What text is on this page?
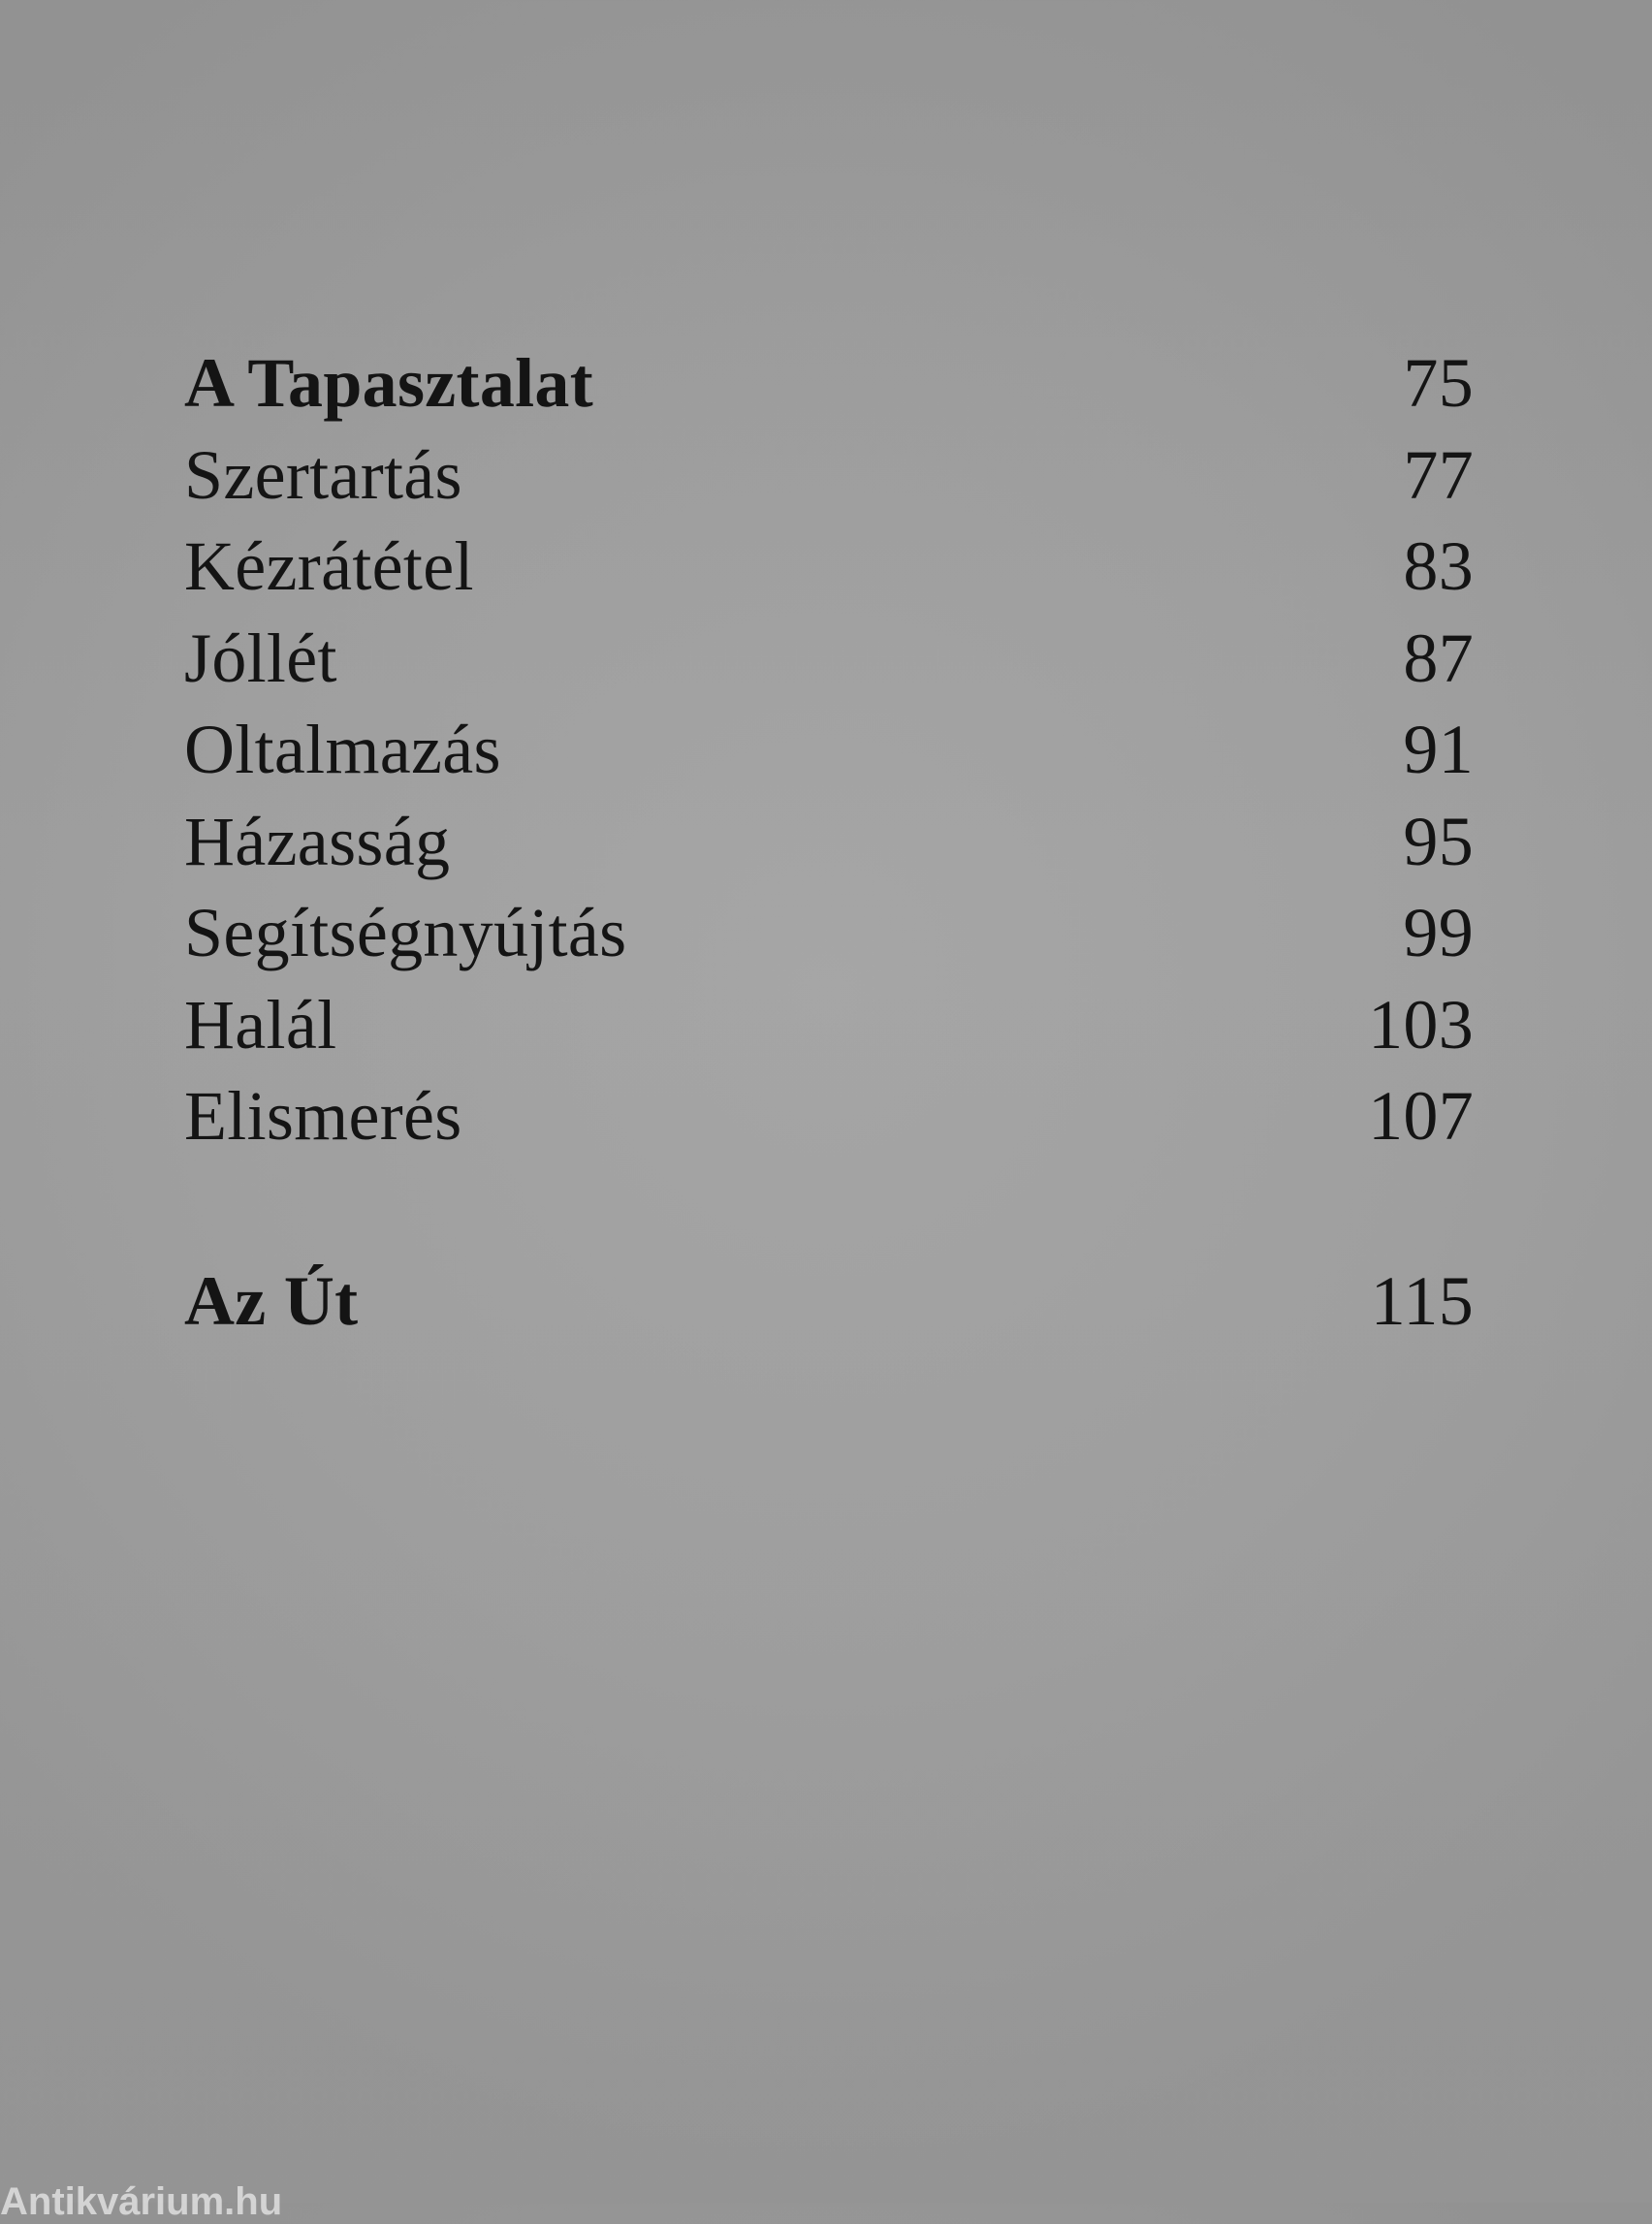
A Tapasztalat	75
Szertartás	77
Kézrátétel	83
Jóllét	87
Oltalmazás	91
Házasság	95
Segítségnyújtás	99
Halál	103
Elismerés	107
Az Út	115
Antikvárium.hu
